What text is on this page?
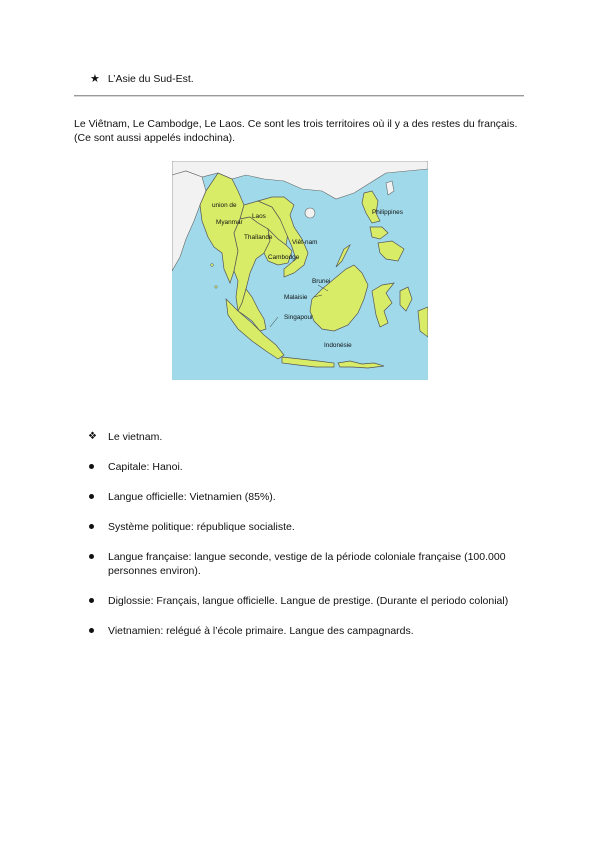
★ L’Asie du Sud-Est.
Le Viêtnam, Le Cambodge, Le Laos. Ce sont les trois territoires où il y a des restes du français. (Ce sont aussi appelés indochina).
union de
Myanmar
Laos
Thaïlande
Viêt-nam
Cambodge
Philippines
Brunei
Malaisie
Singapour
Indonésie
❖	Le vietnam.
Capitale: Hanoi.
Langue officielle: Vietnamien (85%).
Système politique: république socialiste.
Langue française: langue seconde, vestige de la période coloniale française (100.000 personnes environ).
Diglossie: Français, langue officielle. Langue de prestige. (Durante el periodo colonial)
Vietnamien: relégué à l’école primaire. Langue des campagnards.
